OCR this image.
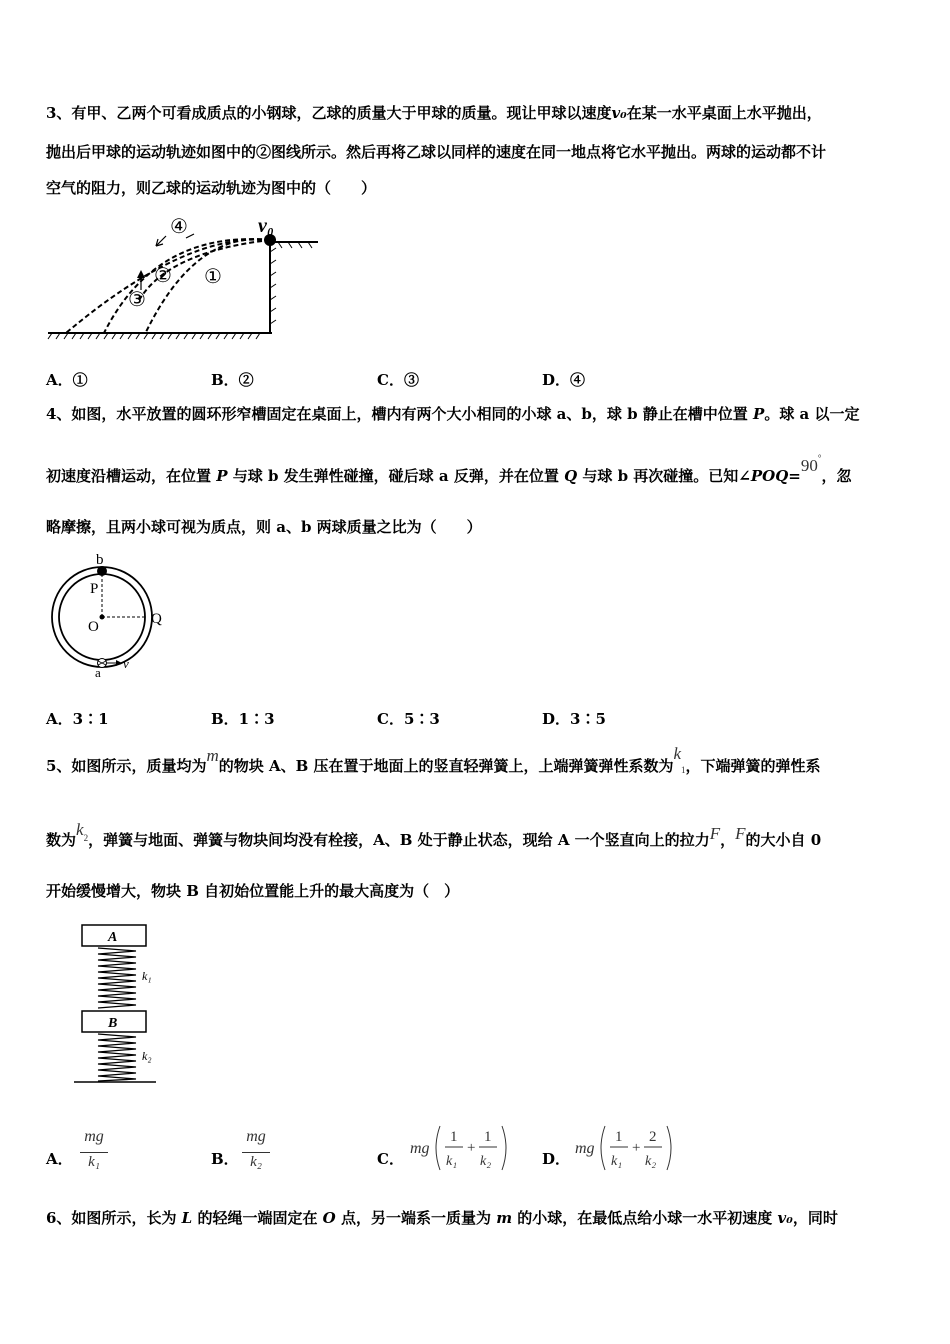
3、有甲、乙两个可看成质点的小钢球，乙球的质量大于甲球的质量。现让甲球以速度v₀在某一水平桌面上水平抛出，
抛出后甲球的运动轨迹如图中的②图线所示。然后再将乙球以同样的速度在同一地点将它水平抛出。两球的运动都不计
空气的阻力，则乙球的运动轨迹为图中的（　　）
v₀
④
② ①
③
A．①	B．②	C．③	D．④
4、如图，水平放置的圆环形窄槽固定在桌面上，槽内有两个大小相同的小球 a、b，球 b 静止在槽中位置 P。球 a 以一定
初速度沿槽运动，在位置 P 与球 b 发生弹性碰撞，碰后球 a 反弹，并在位置 Q 与球 b 再次碰撞。已知∠POQ=90°，忽
略摩擦，且两小球可视为质点，则 a、b 两球质量之比为（　　）
b
P
O	Q
a
v
A．3∶1	B．1∶3	C．5∶3	D．3∶5
5、如图所示，质量均为m的物块 A、B 压在置于地面上的竖直轻弹簧上，上端弹簧弹性系数为k1，下端弹簧的弹性系
数为$k^2$，弹簧与地面、弹簧与物块间均没有栓接，A、B 处于静止状态，现给 A 一个竖直向上的拉力F，F的大小自 0
开始缓慢增大，物块 B 自初始位置能上升的最大高度为（　）
A
k₁
B
k₂
A．
mg
k₁	B．
mg
k₂	C．
mg
1
k₁
+
1
k₂	D．
mg
1
k₁
+
2
k₂
6、如图所示，长为 L 的轻绳一端固定在 O 点，另一端系一质量为 m 的小球，在最低点给小球一水平初速度 v₀，同时
